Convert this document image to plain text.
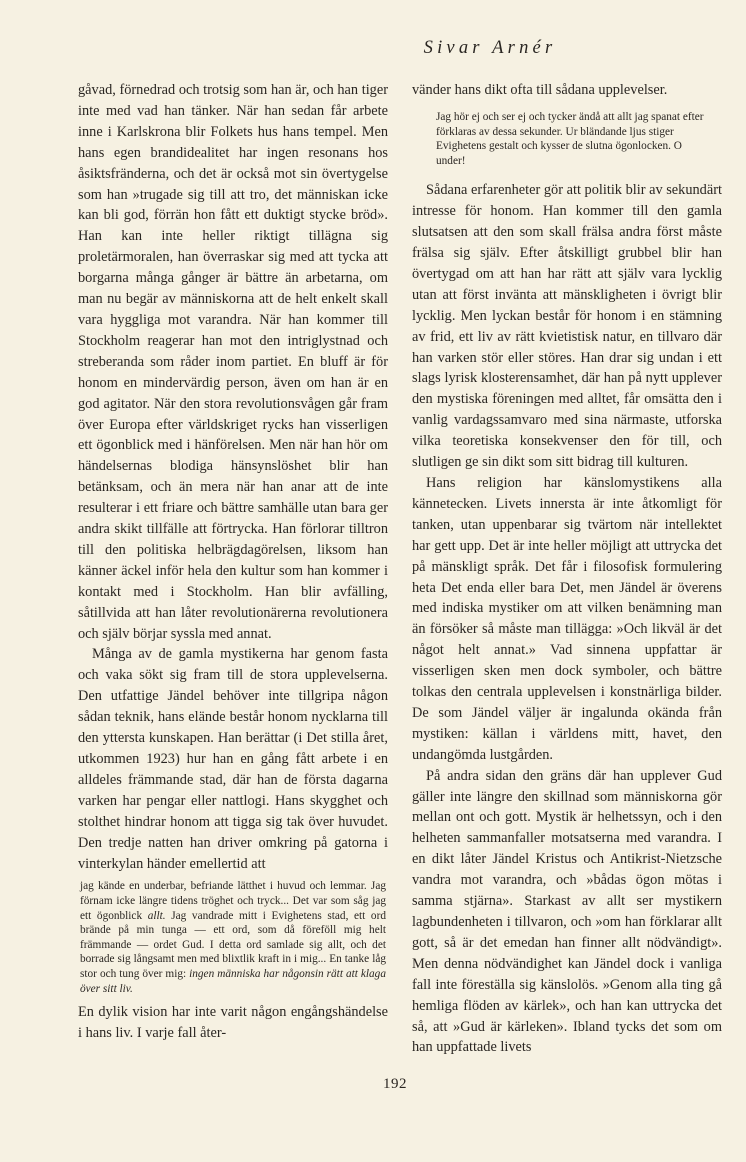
Sivar Arnér

gåvad, förnedrad och trotsig som han är, och han tiger inte med vad han tänker. När han sedan får arbete inne i Karlskrona blir Folkets hus hans tempel. Men hans egen brandidealitet har ingen resonans hos åsiktsfränderna, och det är också mot sin övertygelse som han »trugade sig till att tro, det människan icke kan bli god, förrän hon fått ett duktigt stycke bröd». Han kan inte heller riktigt tillägna sig proletärmoralen, han överraskar sig med att tycka att borgarna många gånger är bättre än arbetarna, om man nu begär av människorna att de helt enkelt skall vara hyggliga mot varandra. När han kommer till Stockholm reagerar han mot den intriglystnad och streberanda som råder inom partiet. En bluff är för honom en mindervärdig person, även om han är en god agitator. När den stora revolutionsvågen går fram över Europa efter världskriget rycks han visserligen ett ögonblick med i hänförelsen. Men när han hör om händelsernas blodiga hänsynslöshet blir han betänksam, och än mera när han anar att de inte resulterar i ett friare och bättre samhälle utan bara ger andra skikt tillfälle att förtrycka. Han förlorar tilltron till den politiska helbrägdagörelsen, liksom han känner äckel inför hela den kultur som han kommer i kontakt med i Stockholm. Han blir avfälling, såtillvida att han låter revolutionärerna revolutionera och själv börjar syssla med annat.

Många av de gamla mystikerna har genom fasta och vaka sökt sig fram till de stora upplevelserna. Den utfattige Jändel behöver inte tillgripa någon sådan teknik, hans elände består honom nycklarna till den yttersta kunskapen. Han berättar (i Det stilla året, utkommen 1923) hur han en gång fått arbete i en alldeles främmande stad, där han de första dagarna varken har pengar eller nattlogi. Hans skygghet och stolthet hindrar honom att tigga sig tak över huvudet. Den tredje natten han driver omkring på gatorna i vinterkylan händer emellertid att

jag kände en underbar, befriande lätthet i huvud och lemmar. Jag förnam icke längre tidens tröghet och tryck... Det var som såg jag ett ögonblick allt. Jag vandrade mitt i Evighetens stad, ett ord brände på min tunga — ett ord, som då föreföll mig helt främmande — ordet Gud. I detta ord samlade sig allt, och det borrade sig långsamt men med blixtlik kraft in i mig... En tanke låg stor och tung över mig: ingen människa har någonsin rätt att klaga över sitt liv.

En dylik vision har inte varit någon engångshändelse i hans liv. I varje fall åter-

vänder hans dikt ofta till sådana upplevelser.

Jag hör ej och ser ej och tycker ändå att allt jag spanat efter förklaras av dessa sekunder. Ur bländande ljus stiger Evighetens gestalt och kysser de slutna ögonlocken. O under!

Sådana erfarenheter gör att politik blir av sekundärt intresse för honom. Han kommer till den gamla slutsatsen att den som skall frälsa andra först måste frälsa sig själv. Efter åtskilligt grubbel blir han övertygad om att han har rätt att själv vara lycklig utan att först invänta att mänskligheten i övrigt blir lycklig. Men lyckan består för honom i en stämning av frid, ett liv av rätt kvietistisk natur, en tillvaro där han varken stör eller störes. Han drar sig undan i ett slags lyrisk klosterensamhet, där han på nytt upplever den mystiska föreningen med alltet, får omsätta den i vanlig vardagssamvaro med sina närmaste, utforska vilka teoretiska konsekvenser den för till, och slutligen ge sin dikt som sitt bidrag till kulturen.

Hans religion har känslomystikens alla kännetecken. Livets innersta är inte åtkomligt för tanken, utan uppenbarar sig tvärtom när intellektet har gett upp. Det är inte heller möjligt att uttrycka det på mänskligt språk. Det får i filosofisk formulering heta Det enda eller bara Det, men Jändel är överens med indiska mystiker om att vilken benämning man än försöker så måste man tillägga: »Och likväl är det något helt annat.» Vad sinnena uppfattar är visserligen sken men dock symboler, och bättre tolkas den centrala upplevelsen i konstnärliga bilder. De som Jändel väljer är ingalunda okända från mystiken: källan i världens mitt, havet, den undangömda lustgården.

På andra sidan den gräns där han upplever Gud gäller inte längre den skillnad som människorna gör mellan ont och gott. Mystik är helhetssyn, och i den helheten sammanfaller motsatserna med varandra. I en dikt låter Jändel Kristus och Antikrist-Nietzsche vandra mot varandra, och »bådas ögon mötas i samma stjärna». Starkast av allt ser mystikern lagbundenheten i tillvaron, och »om han förklarar allt gott, så är det emedan han finner allt nödvändigt». Men denna nödvändighet kan Jändel dock i vanliga fall inte föreställa sig känslolös. »Genom alla ting gå hemliga flöden av kärlek», och han kan uttrycka det så, att »Gud är kärleken». Ibland tycks det som om han uppfattade livets

192
